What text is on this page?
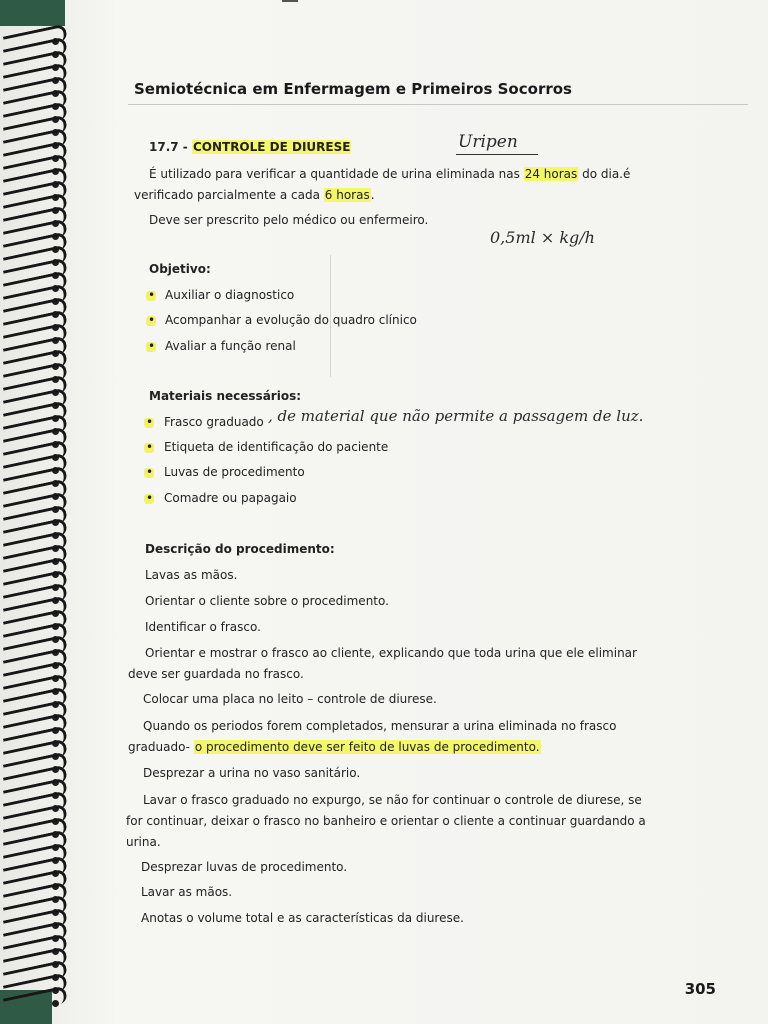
Semiotécnica em Enfermagem e Primeiros Socorros
17.7 - CONTROLE DE DIURESE	Uripen
É utilizado para verificar a quantidade de urina eliminada nas 24 horas do dia.é
verificado parcialmente a cada 6 horas.
Deve ser prescrito pelo médico ou enfermeiro.
0,5ml × kg/h
Objetivo:
• Auxiliar o diagnostico
• Acompanhar a evolução do quadro clínico
• Avaliar a função renal
Materiais necessários:
• Frasco graduado , de material que não permite a passagem de luz.
• Etiqueta de identificação do paciente
• Luvas de procedimento
• Comadre ou papagaio
Descrição do procedimento:
Lavas as mãos.
Orientar o cliente sobre o procedimento.
Identificar o frasco.
Orientar e mostrar o frasco ao cliente, explicando que toda urina que ele eliminar
deve ser guardada no frasco.
Colocar uma placa no leito – controle de diurese.
Quando os periodos forem completados, mensurar a urina eliminada no frasco
graduado- o procedimento deve ser feito de luvas de procedimento.
Desprezar a urina no vaso sanitário.
Lavar o frasco graduado no expurgo, se não for continuar o controle de diurese, se
for continuar, deixar o frasco no banheiro e orientar o cliente a continuar guardando a
urina.
Desprezar luvas de procedimento.
Lavar as mãos.
Anotas o volume total e as características da diurese.
305
